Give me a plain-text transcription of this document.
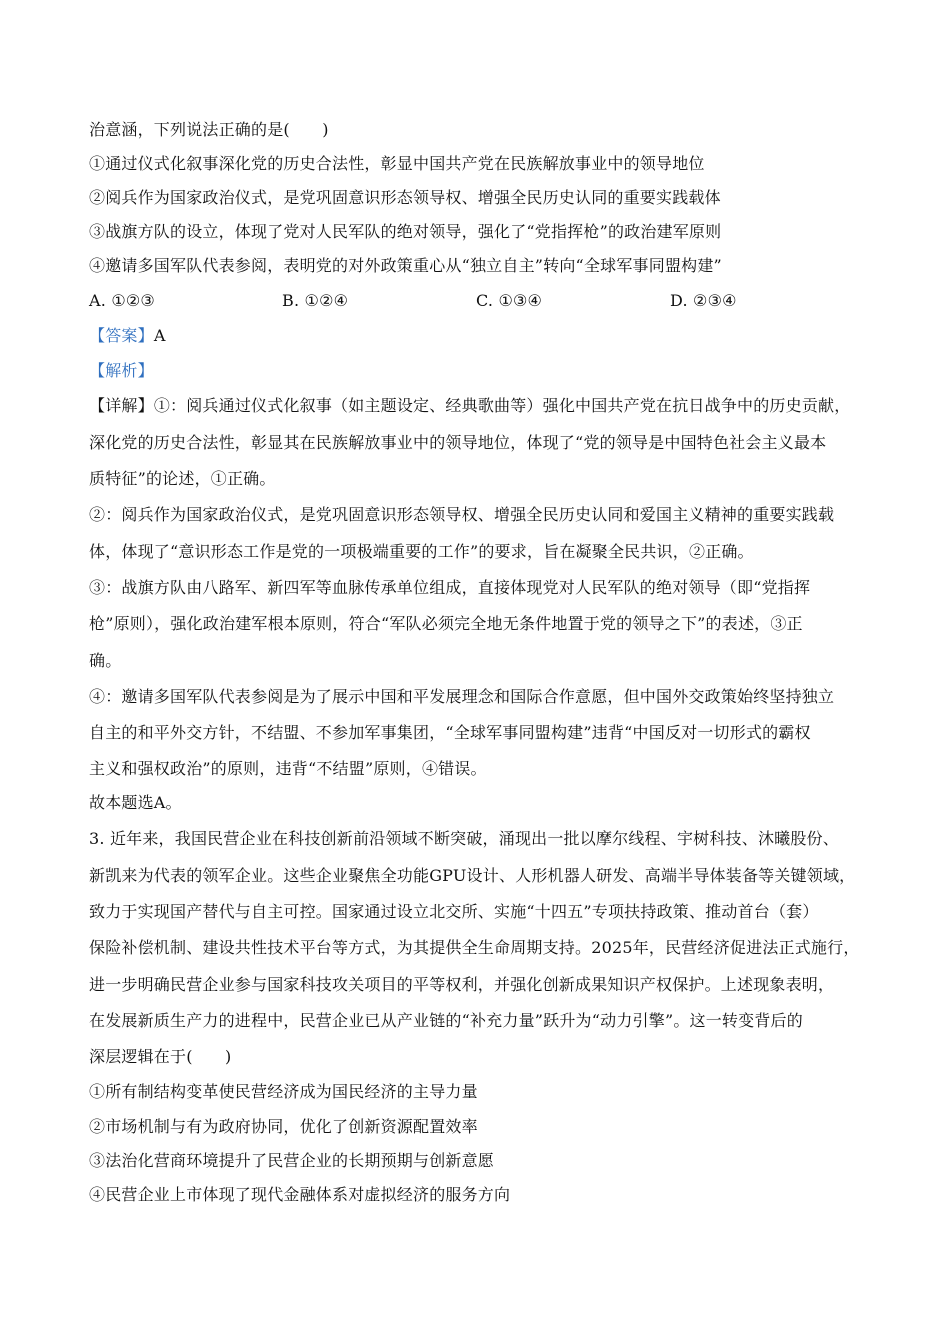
治意涵，下列说法正确的是(　　)
①通过仪式化叙事深化党的历史合法性，彰显中国共产党在民族解放事业中的领导地位
②阅兵作为国家政治仪式，是党巩固意识形态领导权、增强全民历史认同的重要实践载体
③战旗方队的设立，体现了党对人民军队的绝对领导，强化了“党指挥枪”的政治建军原则
④邀请多国军队代表参阅，表明党的对外政策重心从“独立自主”转向“全球军事同盟构建”
A. ①②③	B. ①②④	C. ①③④	D. ②③④
【答案】A
【解析】
【详解】①：阅兵通过仪式化叙事（如主题设定、经典歌曲等）强化中国共产党在抗日战争中的历史贡献，
深化党的历史合法性，彰显其在民族解放事业中的领导地位，体现了“党的领导是中国特色社会主义最本
质特征”的论述，①正确。
②：阅兵作为国家政治仪式，是党巩固意识形态领导权、增强全民历史认同和爱国主义精神的重要实践载
体，体现了“意识形态工作是党的一项极端重要的工作”的要求，旨在凝聚全民共识，②正确。
③：战旗方队由八路军、新四军等血脉传承单位组成，直接体现党对人民军队的绝对领导（即“党指挥
枪”原则），强化政治建军根本原则，符合“军队必须完全地无条件地置于党的领导之下”的表述，③正
确。
④：邀请多国军队代表参阅是为了展示中国和平发展理念和国际合作意愿，但中国外交政策始终坚持独立
自主的和平外交方针，不结盟、不参加军事集团，“全球军事同盟构建”违背“中国反对一切形式的霸权
主义和强权政治”的原则，违背“不结盟”原则，④错误。
故本题选A。
3. 近年来，我国民营企业在科技创新前沿领域不断突破，涌现出一批以摩尔线程、宇树科技、沐曦股份、
新凯来为代表的领军企业。这些企业聚焦全功能GPU设计、人形机器人研发、高端半导体装备等关键领域，
致力于实现国产替代与自主可控。国家通过设立北交所、实施“十四五”专项扶持政策、推动首台（套）
保险补偿机制、建设共性技术平台等方式，为其提供全生命周期支持。2025年，民营经济促进法正式施行，
进一步明确民营企业参与国家科技攻关项目的平等权利，并强化创新成果知识产权保护。上述现象表明，
在发展新质生产力的进程中，民营企业已从产业链的“补充力量”跃升为“动力引擎”。这一转变背后的
深层逻辑在于(　　)
①所有制结构变革使民营经济成为国民经济的主导力量
②市场机制与有为政府协同，优化了创新资源配置效率
③法治化营商环境提升了民营企业的长期预期与创新意愿
④民营企业上市体现了现代金融体系对虚拟经济的服务方向
